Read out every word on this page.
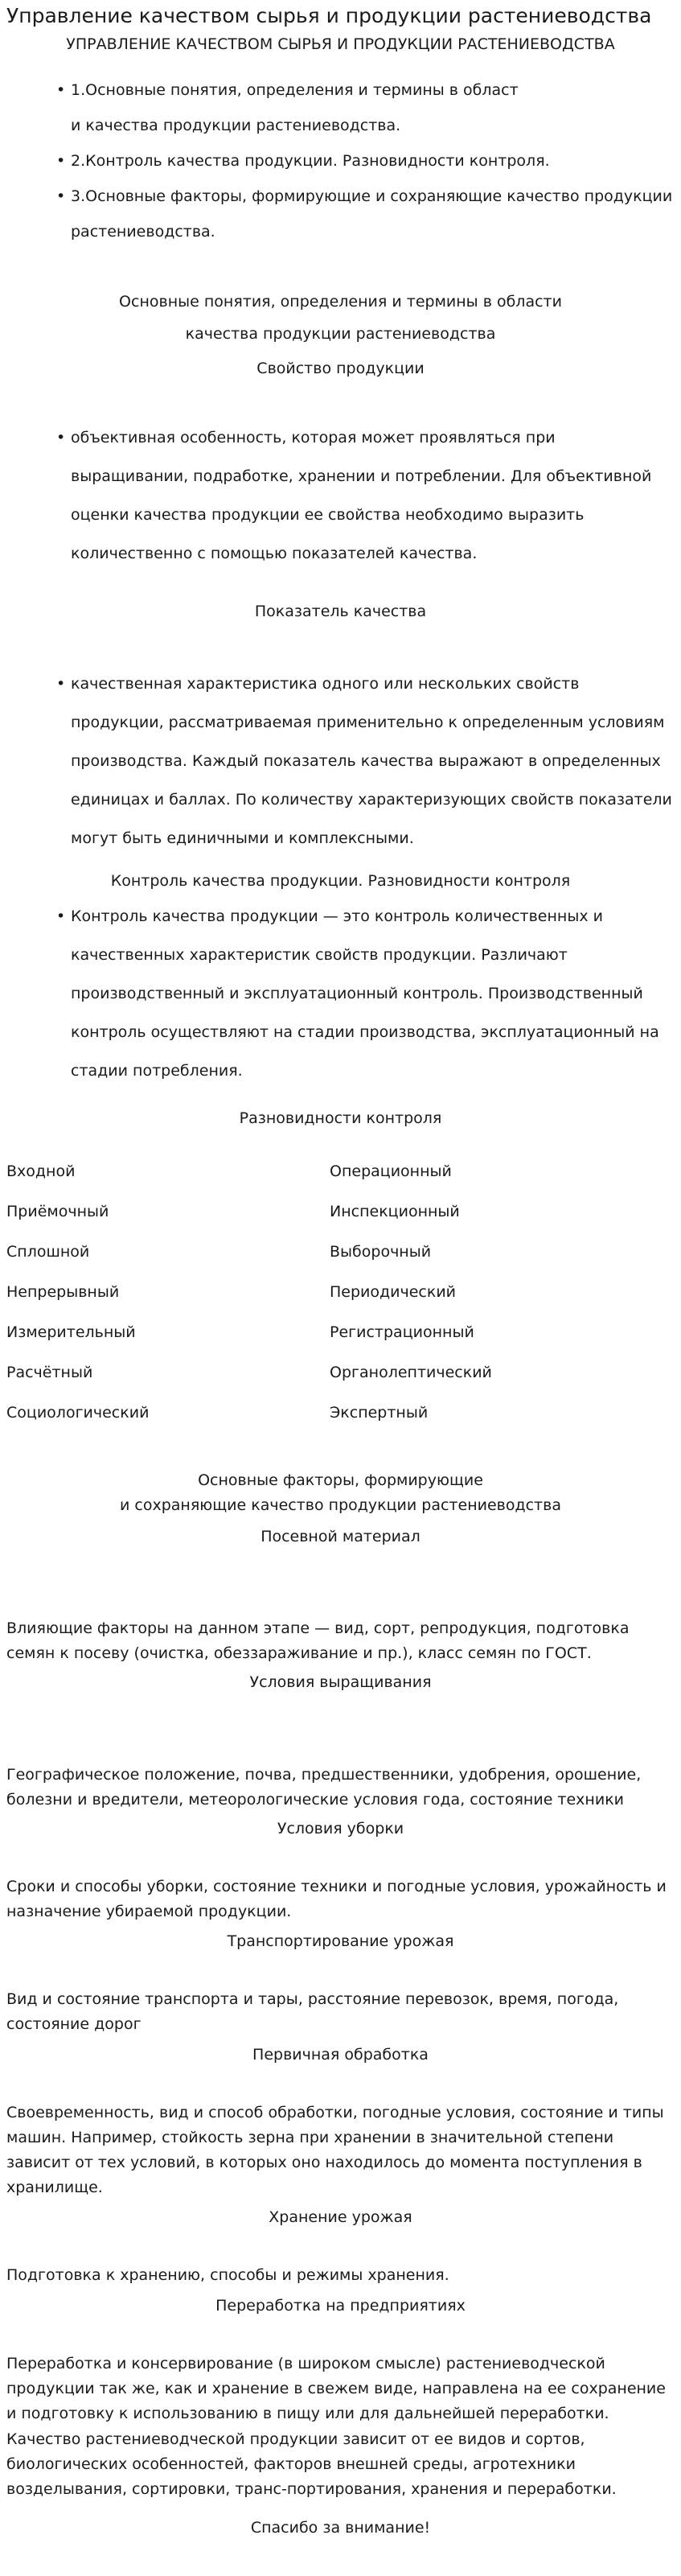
Управление качеством сырья и продукции растениеводства
УПРАВЛЕНИЕ КАЧЕСТВОМ СЫРЬЯ И ПРОДУКЦИИ РАСТЕНИЕВОДСТВА
• 1.Основные понятия, определения и термины в област
и качества продукции растениеводства.
• 2.Контроль качества продукции. Разновидности контроля.
• 3.Основные факторы, формирующие и сохраняющие качество продукции
растениеводства.
Основные понятия, определения и термины в области
качества продукции растениеводства
Свойство продукции
• объективная особенность, которая может проявляться при
выращивании, подработке, хранении и потреблении. Для объективной
оценки качества продукции ее свойства необходимо выразить
количественно с помощью показателей качества.
Показатель качества
• качественная характеристика одного или нескольких свойств
продукции, рассматриваемая применительно к определенным условиям
производства. Каждый показатель качества выражают в определенных
единицах и баллах. По количеству характеризующих свойств показатели
могут быть единичными и комплексными.
Контроль качества продукции. Разновидности контроля
• Контроль качества продукции — это контроль количественных и
качественных характеристик свойств продукции. Различают
производственный и эксплуатационный контроль. Производственный
контроль осуществляют на стадии производства, эксплуатационный на
стадии потребления.
Разновидности контроля
Входной
Приёмочный
Сплошной
Непрерывный
Измерительный
Расчётный
Социологический
Операционный
Инспекционный
Выборочный
Периодический
Регистрационный
Органолептический
Экспертный
Основные факторы, формирующие
и сохраняющие качество продукции растениеводства
Посевной материал
Влияющие факторы на данном этапе — вид, сорт, репродукция, подготовка
семян к посеву (очистка, обеззараживание и пр.), класс семян по ГОСТ.
Условия выращивания
Географическое положение, почва, предшественники, удобрения, орошение,
болезни и вредители, метеорологические условия года, состояние техники
Условия уборки
Сроки и способы уборки, состояние техники и погодные условия, урожайность и
назначение убираемой продукции.
Транспортирование урожая
Вид и состояние транспорта и тары, расстояние перевозок, время, погода,
состояние дорог
Первичная обработка
Своевременность, вид и способ обработки, погодные условия, состояние и типы
машин. Например, стойкость зерна при хранении в значительной степени
зависит от тех условий, в которых оно находилось до момента поступления в
хранилище.
Хранение урожая
Подготовка к хранению, способы и режимы хранения.
Переработка на предприятиях
Переработка и консервирование (в широком смысле) растениеводческой
продукции так же, как и хранение в свежем виде, направлена на ее сохранение
и подготовку к использованию в пищу или для дальнейшей переработки.
Качество растениеводческой продукции зависит от ее видов и сортов,
биологических особенностей, факторов внешней среды, агротехники
возделывания, сортировки, транс-портирования, хранения и переработки.
Спасибо за внимание!
